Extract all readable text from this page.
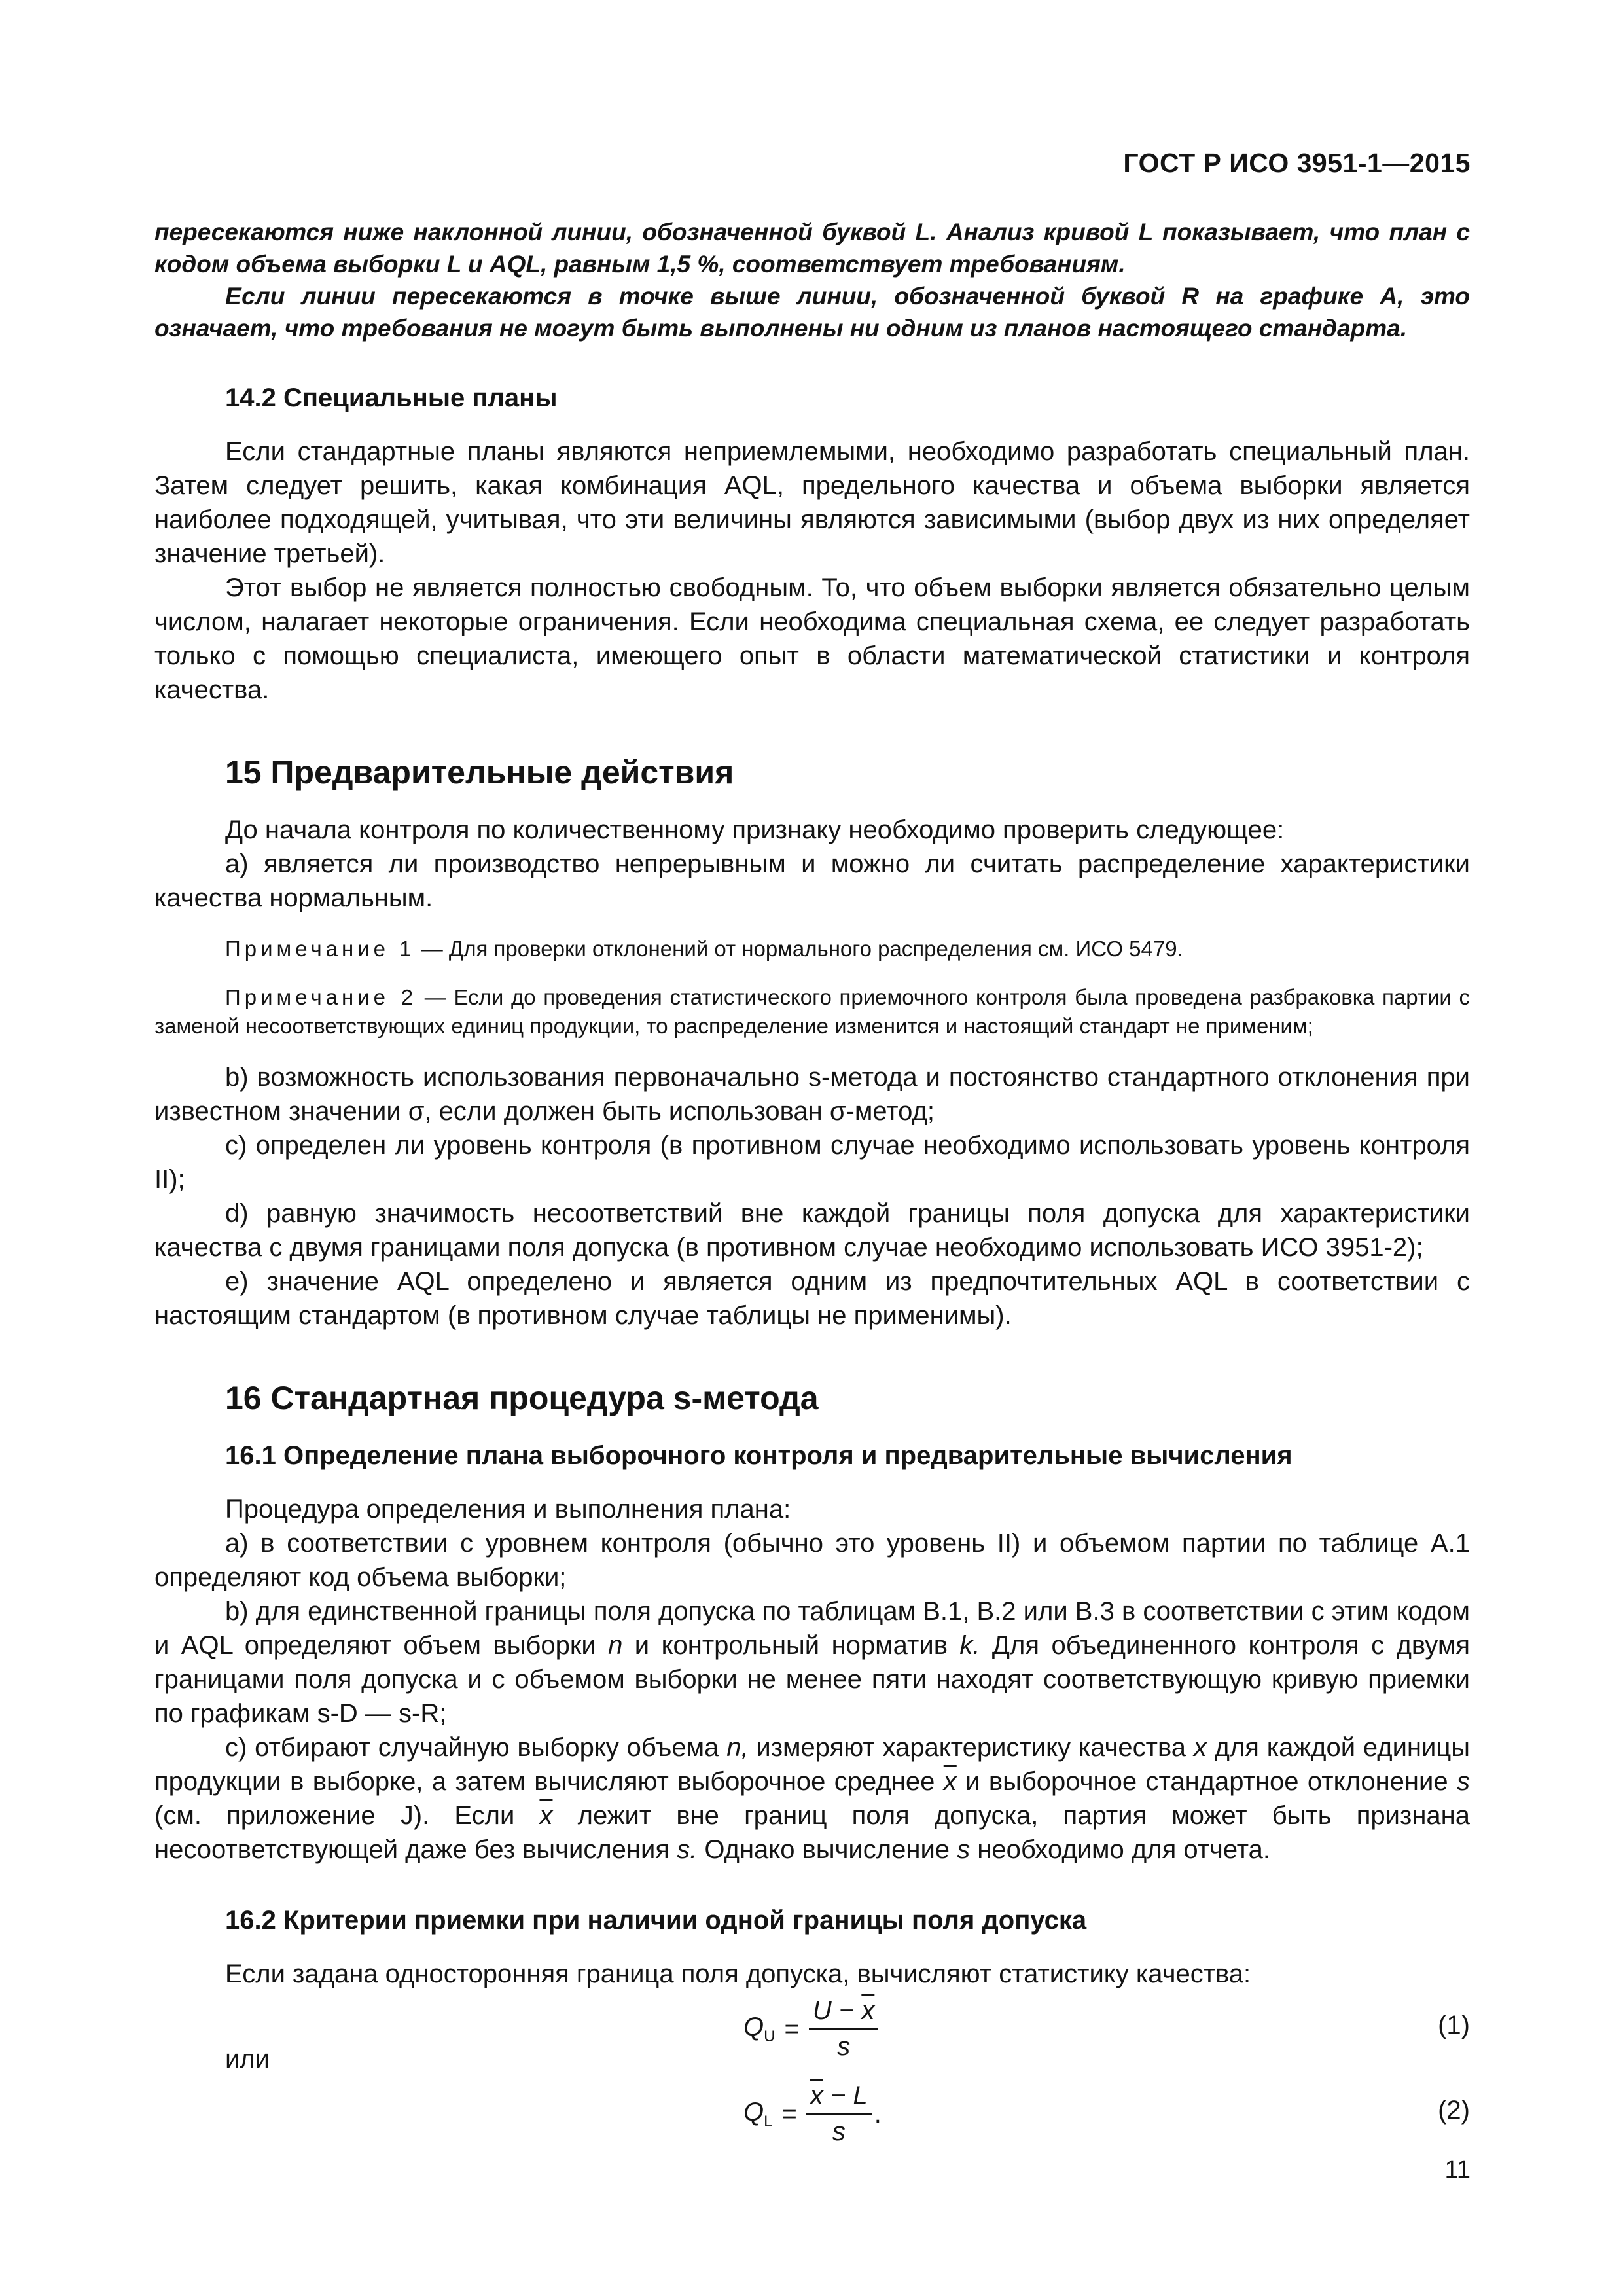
ГОСТ Р ИСО 3951-1—2015

пересекаются ниже наклонной линии, обозначенной буквой L. Анализ кривой L показывает, что план с кодом объема выборки L и AQL, равным 1,5 %, соответствует требованиям.

Если линии пересекаются в точке выше линии, обозначенной буквой R на графике А, это означает, что требования не могут быть выполнены ни одним из планов настоящего стандарта.

14.2 Специальные планы

Если стандартные планы являются неприемлемыми, необходимо разработать специальный план. Затем следует решить, какая комбинация AQL, предельного качества и объема выборки является наиболее подходящей, учитывая, что эти величины являются зависимыми (выбор двух из них определяет значение третьей).

Этот выбор не является полностью свободным. То, что объем выборки является обязательно целым числом, налагает некоторые ограничения. Если необходима специальная схема, ее следует разработать только с помощью специалиста, имеющего опыт в области математической статистики и контроля качества.

15 Предварительные действия

До начала контроля по количественному признаку необходимо проверить следующее:

а) является ли производство непрерывным и можно ли считать распределение характеристики качества нормальным.

Примечание 1 — Для проверки отклонений от нормального распределения см. ИСО 5479.

Примечание 2 — Если до проведения статистического приемочного контроля была проведена разбраковка партии с заменой несоответствующих единиц продукции, то распределение изменится и настоящий стандарт не применим;

b) возможность использования первоначально s-метода и постоянство стандартного отклонения при известном значении σ, если должен быть использован σ-метод;

с) определен ли уровень контроля (в противном случае необходимо использовать уровень контроля II);

d) равную значимость несоответствий вне каждой границы поля допуска для характеристики качества с двумя границами поля допуска (в противном случае необходимо использовать ИСО 3951-2);

е) значение AQL определено и является одним из предпочтительных AQL в соответствии с настоящим стандартом (в противном случае таблицы не применимы).

16 Стандартная процедура s-метода
16.1 Определение плана выборочного контроля и предварительные вычисления

Процедура определения и выполнения плана:

а) в соответствии с уровнем контроля (обычно это уровень II) и объемом партии по таблице А.1 определяют код объема выборки;

b) для единственной границы поля допуска по таблицам В.1, В.2 или В.3 в соответствии с этим кодом и AQL определяют объем выборки n и контрольный норматив k. Для объединенного контроля с двумя границами поля допуска и с объемом выборки не менее пяти находят соответствующую кривую приемки по графикам s-D — s-R;

с) отбирают случайную выборку объема n, измеряют характеристику качества x для каждой единицы продукции в выборке, а затем вычисляют выборочное среднее $\overline{x}$ и выборочное стандартное отклонение s (см. приложение J). Если $\overline{x}$ лежит вне границ поля допуска, партия может быть признана несоответствующей даже без вычисления s. Однако вычисление s необходимо для отчета.

16.2 Критерии приемки при наличии одной границы поля допуска

Если задана односторонняя граница поля допуска, вычисляют статистику качества:

$Q_U = \frac{U - \overline{x}}{s}$	(1)
или
$Q_L = \frac{\overline{x} - L}{s}$ .	(2)
11
